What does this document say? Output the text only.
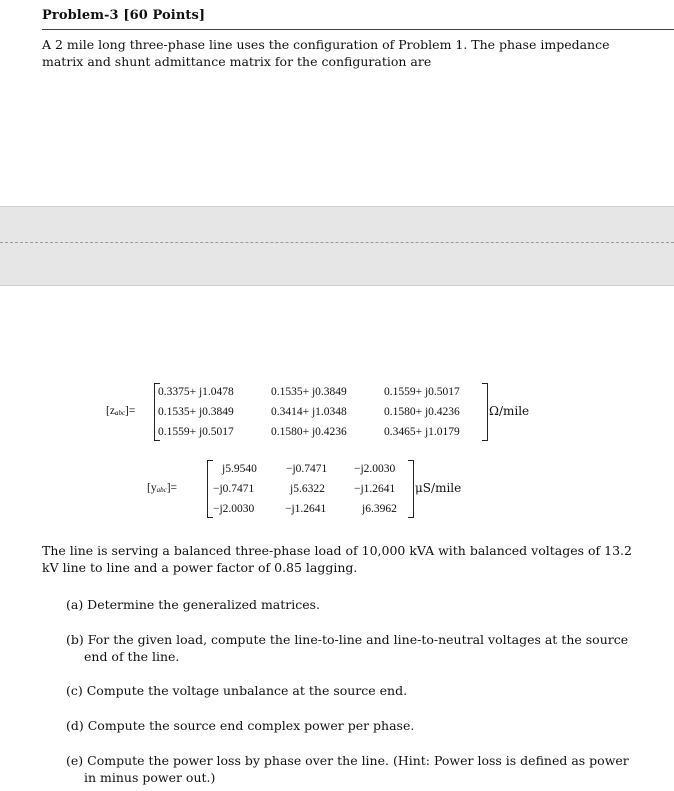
Problem-3 [60 Points]
A 2 mile long three-phase line uses the configuration of Problem 1. The phase impedance matrix and shunt admittance matrix for the configuration are
[zabc]=
0.3375+ j1.0478	0.1535+ j0.3849	0.1559+ j0.5017
0.1535+ j0.3849	0.3414+ j1.0348	0.1580+ j0.4236
0.1559+ j0.5017	0.1580+ j0.4236	0.3465+ j1.0179
Ω/mile
[yabc]=
j5.9540	−j0.7471 −j2.0030
−j0.7471	j5.6322	−j1.2641
−j2.0030	−j1.2641	j6.3962
μS/mile
The line is serving a balanced three-phase load of 10,000 kVA with balanced voltages of 13.2 kV line to line and a power factor of 0.85 lagging.
(a) Determine the generalized matrices.
(b) For the given load, compute the line-to-line and line-to-neutral voltages at the source end of the line.
(c) Compute the voltage unbalance at the source end.
(d) Compute the source end complex power per phase.
(e) Compute the power loss by phase over the line. (Hint: Power loss is defined as power in minus power out.)
